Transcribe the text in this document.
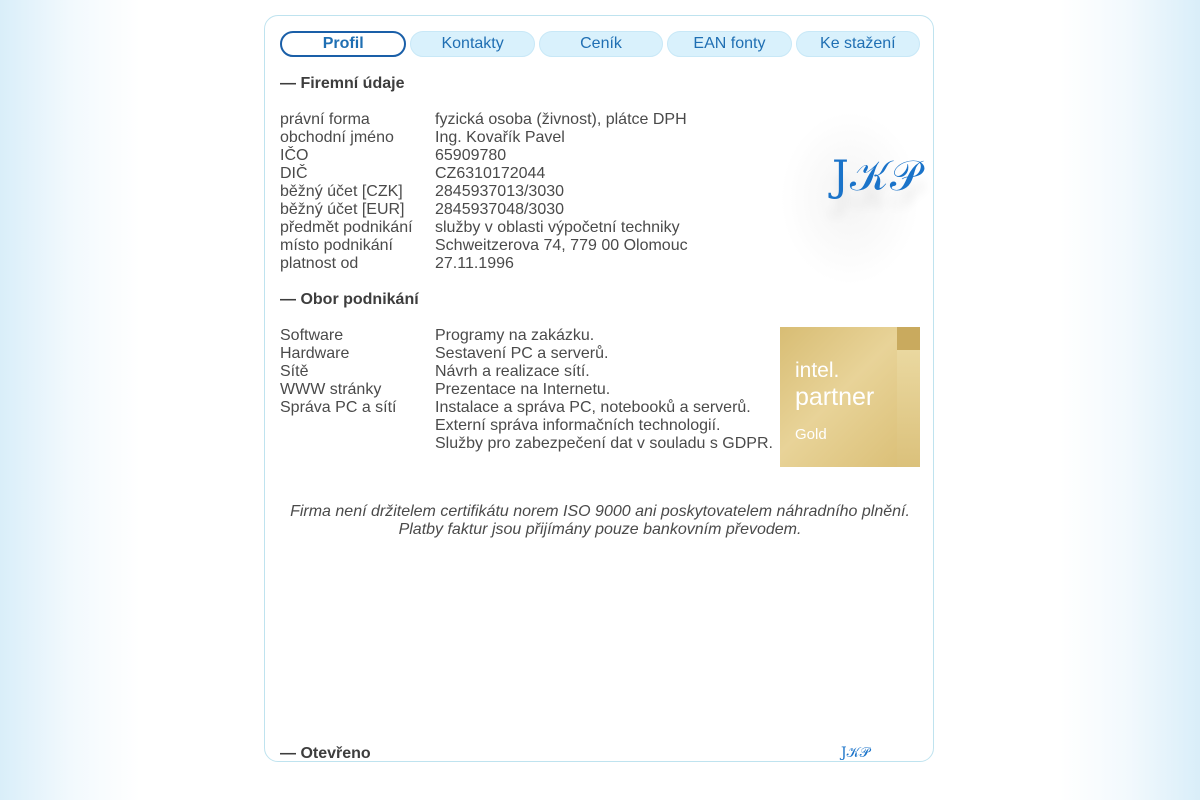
Profil	Kontakty	Ceník	EAN fonty	Ke stažení
— Firemní údaje
právní forma	fyzická osoba (živnost), plátce DPH
obchodní jméno	Ing. Kovařík Pavel
IČO	65909780
DIČ	CZ6310172044
běžný účet [CZK]	2845937013/3030
běžný účet [EUR]	2845937048/3030
předmět podnikání	služby v oblasti výpočetní techniky
místo podnikání	Schweitzerova 74, 779 00 Olomouc
platnost od	27.11.1996
J𝒦𝒫
— Obor podnikání
Software	Programy na zakázku.
Hardware	Sestavení PC a serverů.
Sítě	Návrh a realizace sítí.
WWW stránky	Prezentace na Internetu.
Správa PC a sítí	Instalace a správa PC, notebooků a serverů.
Externí správa informačních technologií.
Služby pro zabezpečení dat v souladu s GDPR.
intel.
partner
Gold
Firma není držitelem certifikátu norem ISO 9000 ani poskytovatelem náhradního plnění.
Platby faktur jsou přijímány pouze bankovním převodem.
— Otevřeno	J𝒦𝒫
